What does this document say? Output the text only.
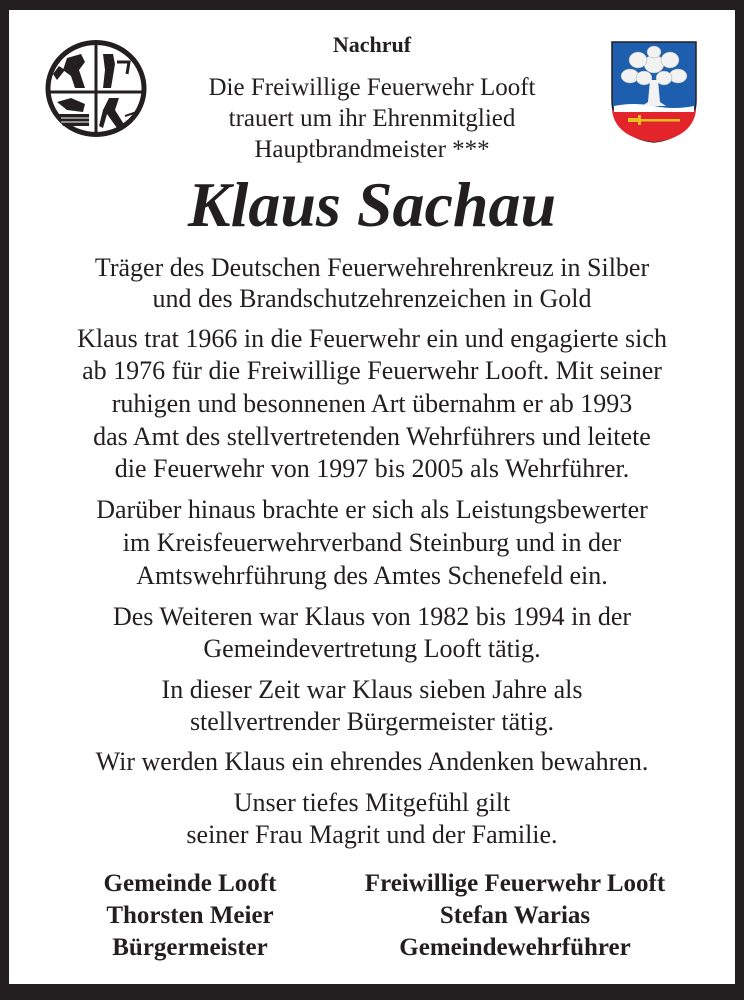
Nachruf
Die Freiwillige Feuerwehr Looft
trauert um ihr Ehrenmitglied
Hauptbrandmeister ***
Klaus Sachau
Träger des Deutschen Feuerwehrehrenkreuz in Silber
und des Brandschutzehrenzeichen in Gold
Klaus trat 1966 in die Feuerwehr ein und engagierte sich
ab 1976 für die Freiwillige Feuerwehr Looft. Mit seiner
ruhigen und besonnenen Art übernahm er ab 1993
das Amt des stellvertretenden Wehrführers und leitete
die Feuerwehr von 1997 bis 2005 als Wehrführer.
Darüber hinaus brachte er sich als Leistungsbewerter
im Kreisfeuerwehrverband Steinburg und in der
Amtswehrführung des Amtes Schenefeld ein.
Des Weiteren war Klaus von 1982 bis 1994 in der
Gemeindevertretung Looft tätig.
In dieser Zeit war Klaus sieben Jahre als
stellvertrender Bürgermeister tätig.
Wir werden Klaus ein ehrendes Andenken bewahren.
Unser tiefes Mitgefühl gilt
seiner Frau Magrit und der Familie.
Gemeinde Looft
Thorsten Meier
Bürgermeister
Freiwillige Feuerwehr Looft
Stefan Warias
Gemeindewehrführer
